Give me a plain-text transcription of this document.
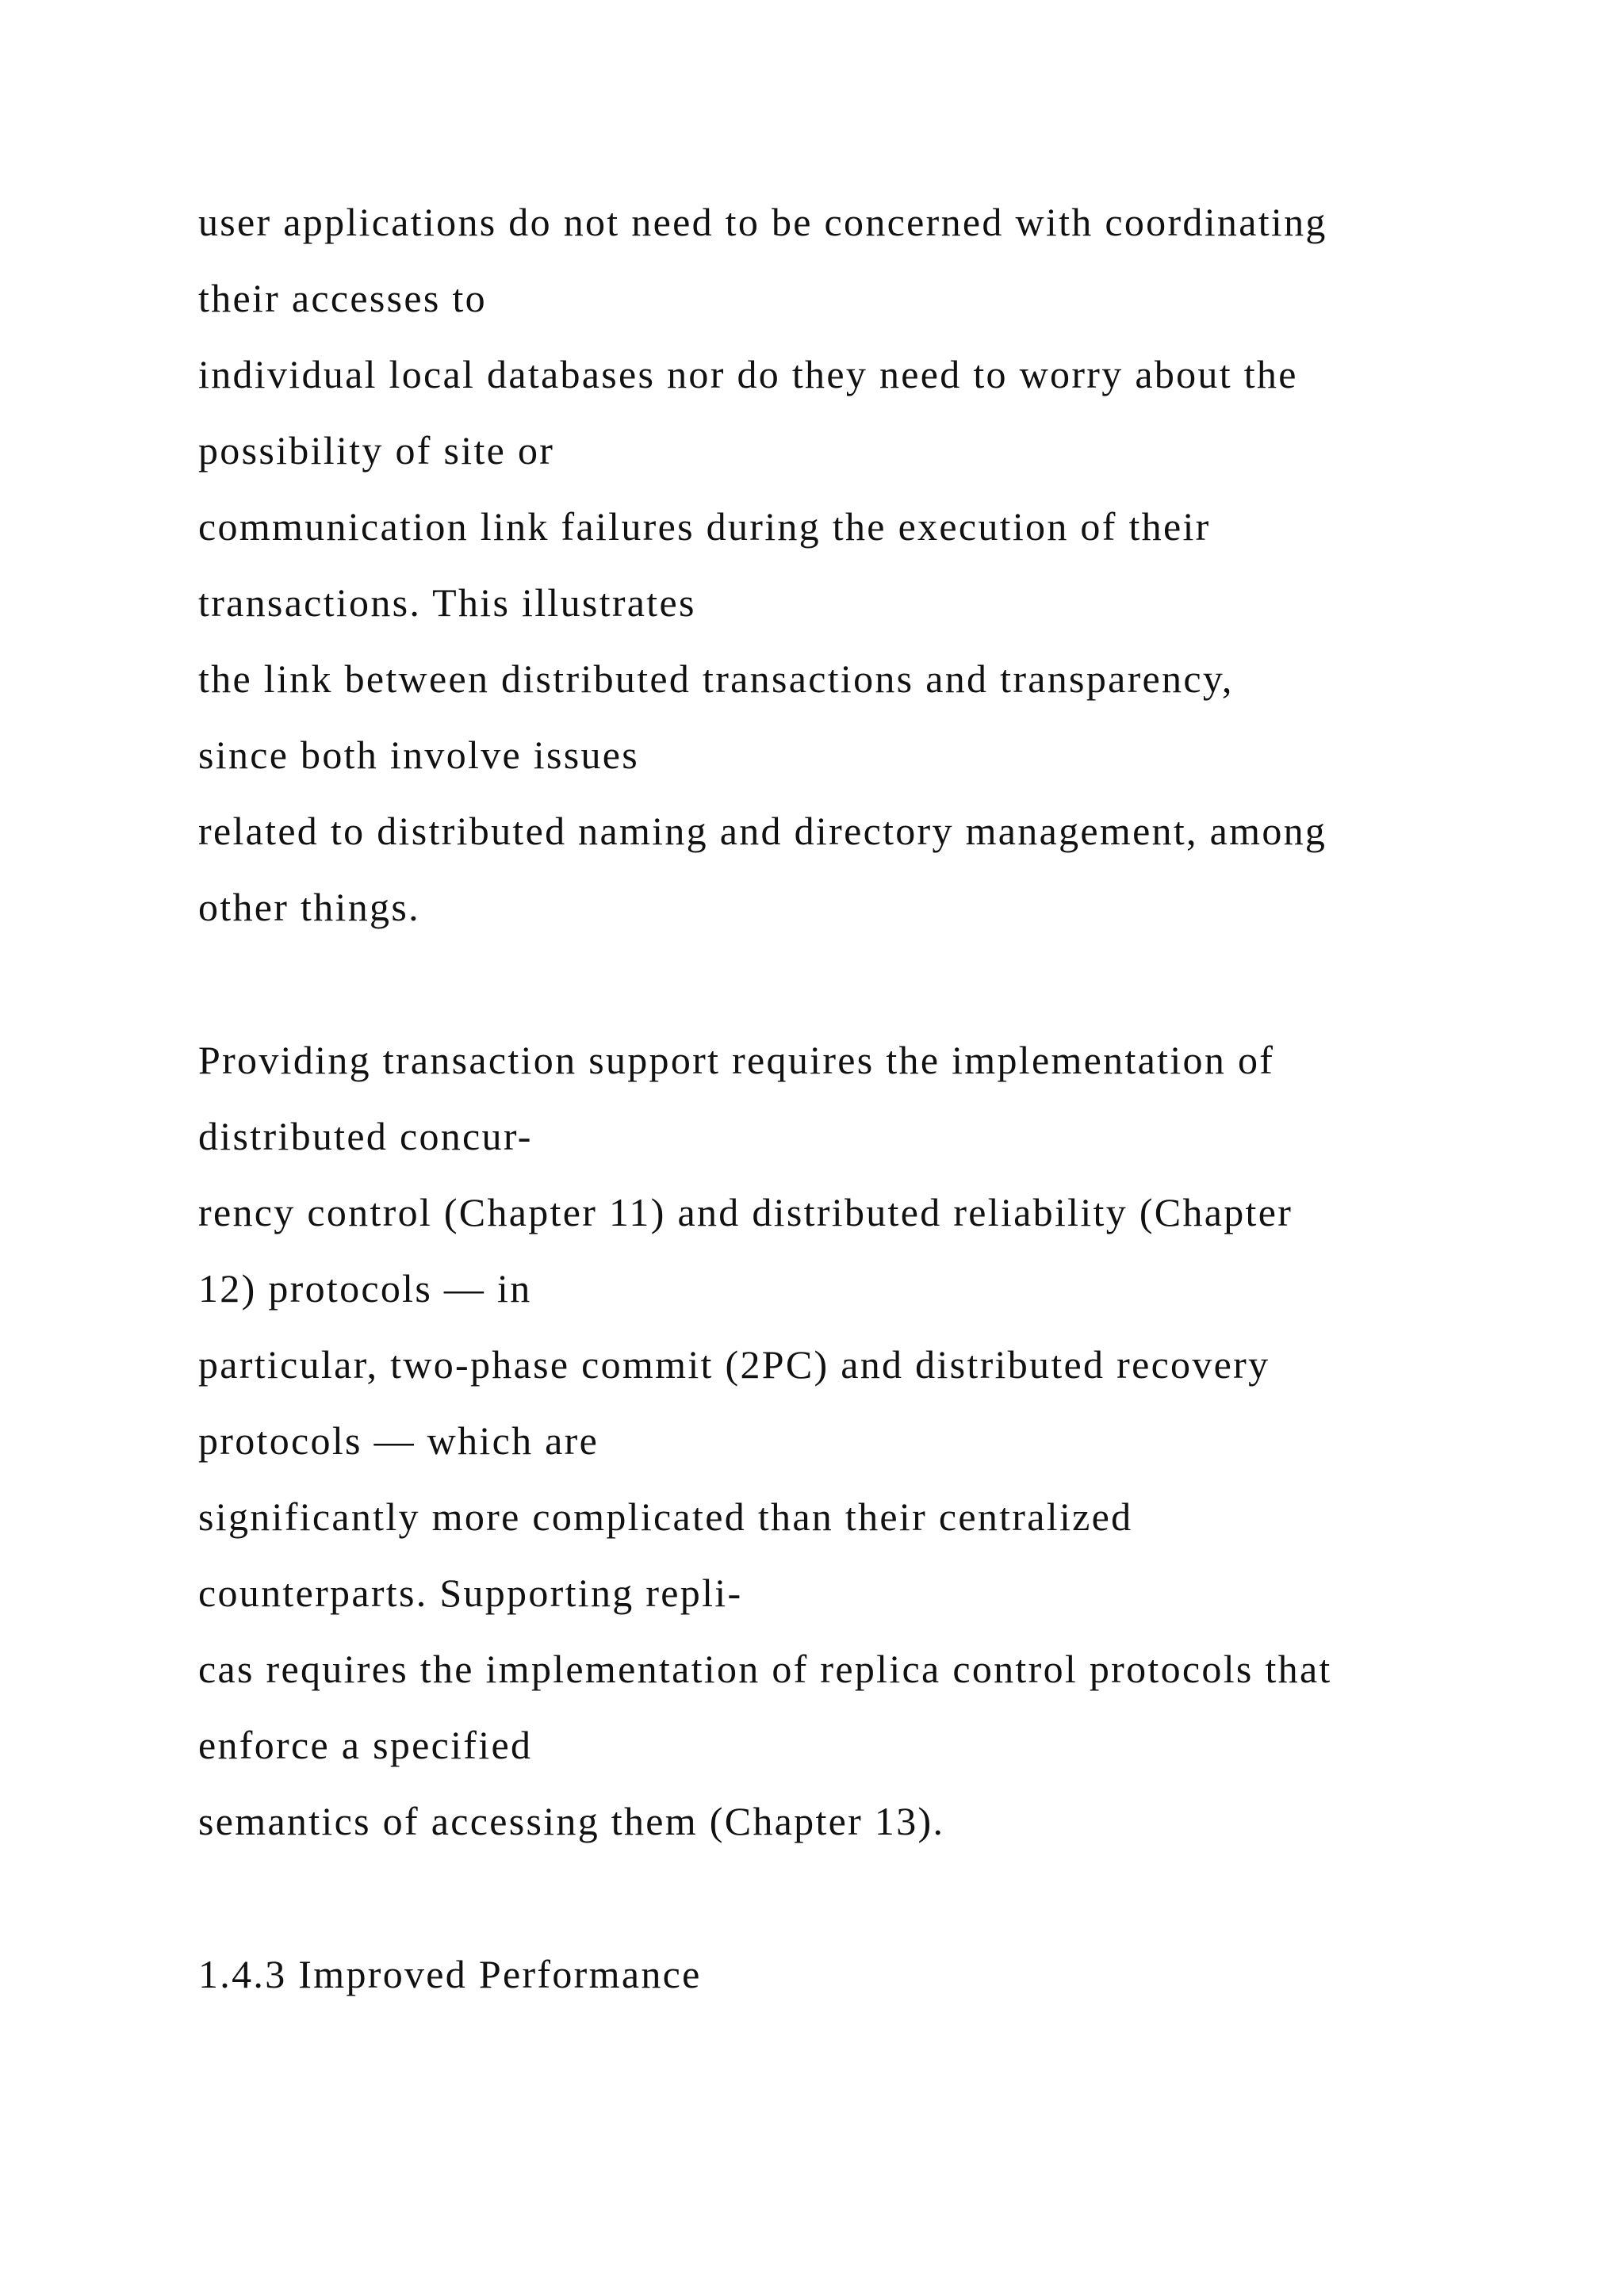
user applications do not need to be concerned with coordinating
their accesses to
individual local databases nor do they need to worry about the
possibility of site or
communication link failures during the execution of their
transactions. This illustrates
the link between distributed transactions and transparency,
since both involve issues
related to distributed naming and directory management, among
other things.
Providing transaction support requires the implementation of
distributed concur-
rency control (Chapter 11) and distributed reliability (Chapter
12) protocols — in
particular, two-phase commit (2PC) and distributed recovery
protocols — which are
significantly more complicated than their centralized
counterparts. Supporting repli-
cas requires the implementation of replica control protocols that
enforce a specified
semantics of accessing them (Chapter 13).
1.4.3 Improved Performance
